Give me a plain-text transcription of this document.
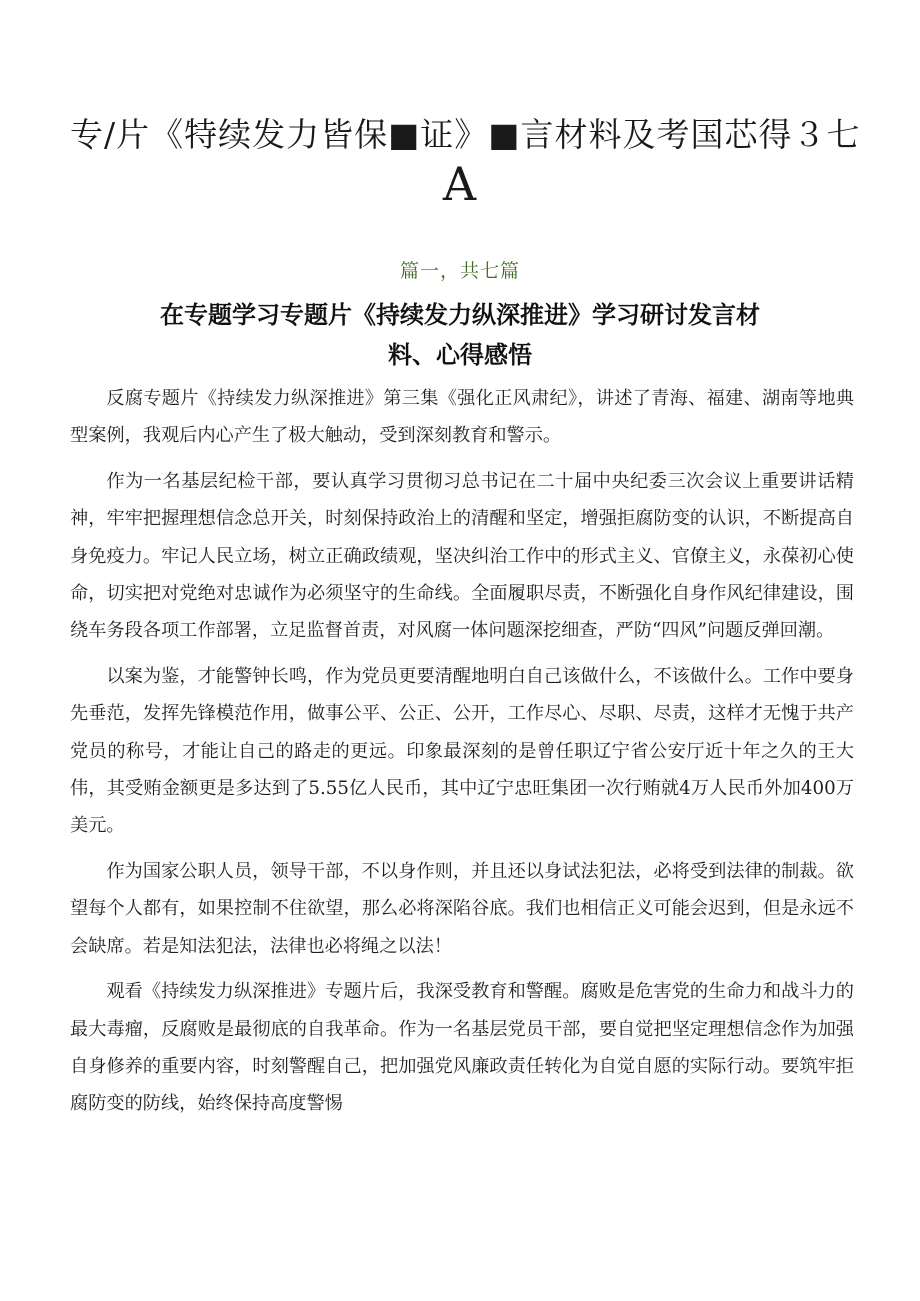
专/片《特续发力皆保■证》■言材料及考国芯得３七
A
篇一，共七篇
在专题学习专题片《持续发力纵深推进》学习研讨发言材
料、心得感悟

反腐专题片《持续发力纵深推进》第三集《强化正风肃纪》，讲述了青海、福建、湖南等地典型案例，我观后内心产生了极大触动，受到深刻教育和警示。

作为一名基层纪检干部，要认真学习贯彻习总书记在二十届中央纪委三次会议上重要讲话精神，牢牢把握理想信念总开关，时刻保持政治上的清醒和坚定，增强拒腐防变的认识，不断提高自身免疫力。牢记人民立场，树立正确政绩观，坚决纠治工作中的形式主义、官僚主义，永葆初心使命，切实把对党绝对忠诚作为必须坚守的生命线。全面履职尽责，不断强化自身作风纪律建设，围绕车务段各项工作部署，立足监督首责，对风腐一体问题深挖细查，严防“四风”问题反弹回潮。

以案为鉴，才能警钟长鸣，作为党员更要清醒地明白自己该做什么，不该做什么。工作中要身先垂范，发挥先锋模范作用，做事公平、公正、公开，工作尽心、尽职、尽责，这样才无愧于共产党员的称号，才能让自己的路走的更远。印象最深刻的是曾任职辽宁省公安厅近十年之久的王大伟，其受贿金额更是多达到了5.55亿人民币，其中辽宁忠旺集团一次行贿就4万人民币外加400万美元。

作为国家公职人员，领导干部，不以身作则，并且还以身试法犯法，必将受到法律的制裁。欲望每个人都有，如果控制不住欲望，那么必将深陷谷底。我们也相信正义可能会迟到，但是永远不会缺席。若是知法犯法，法律也必将绳之以法！

观看《持续发力纵深推进》专题片后，我深受教育和警醒。腐败是危害党的生命力和战斗力的最大毒瘤，反腐败是最彻底的自我革命。作为一名基层党员干部，要自觉把坚定理想信念作为加强自身修养的重要内容，时刻警醒自己，把加强党风廉政责任转化为自觉自愿的实际行动。要筑牢拒腐防变的防线，始终保持高度警惕
